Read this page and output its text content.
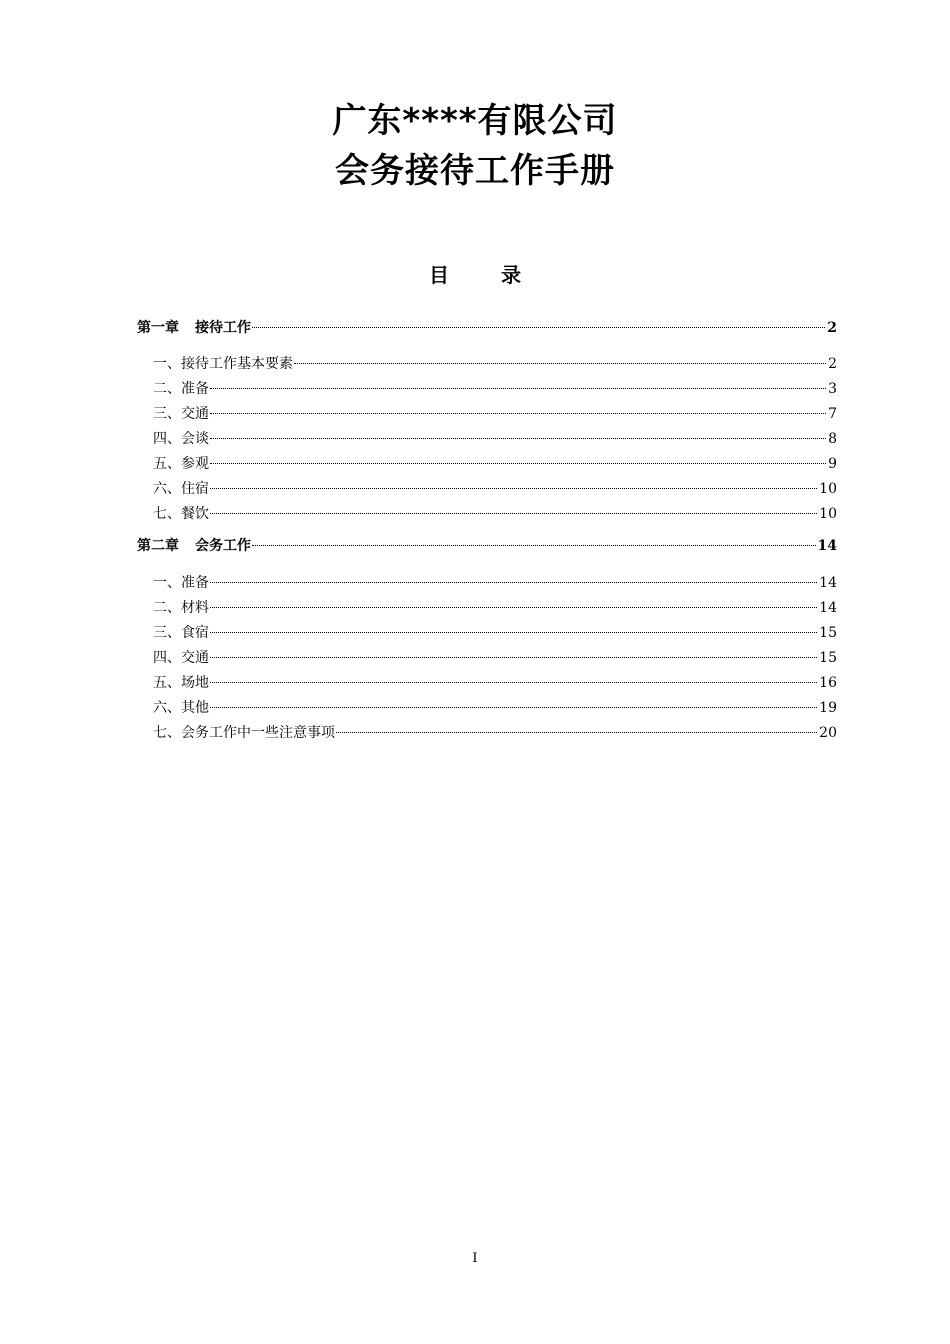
广东****有限公司
会务接待工作手册
目	录
第一章 接待工作	2
一、接待工作基本要素	2
二、准备	3
三、交通	7
四、会谈	8
五、参观	9
六、住宿	10
七、餐饮	10
第二章 会务工作	14
一、准备	14
二、材料	14
三、食宿	15
四、交通	15
五、场地	16
六、其他	19
七、会务工作中一些注意事项	20
I
